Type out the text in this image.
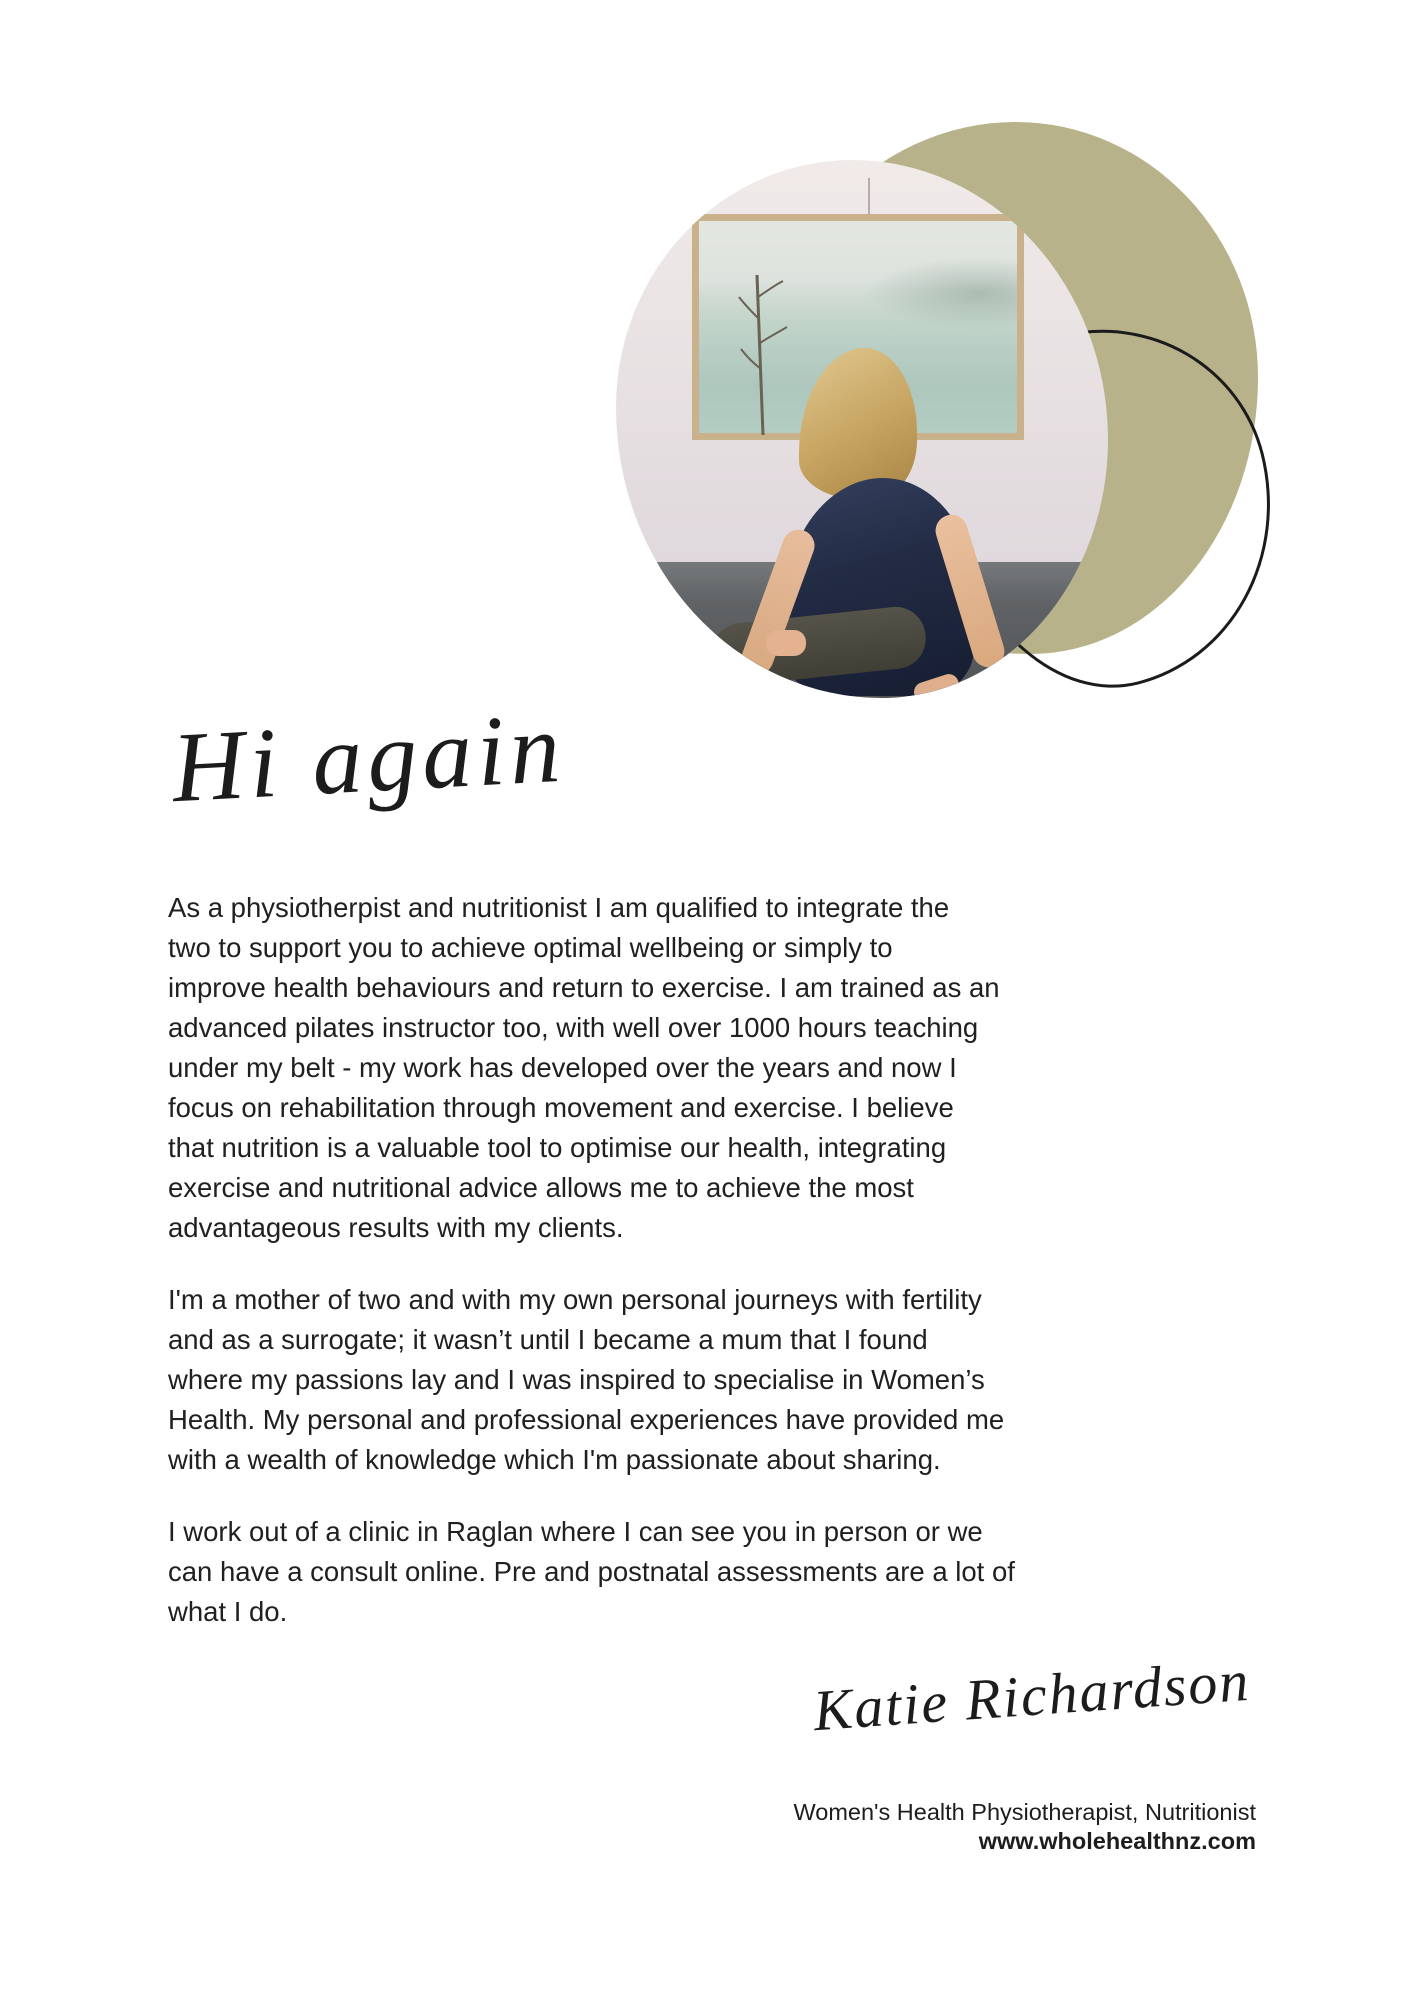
Hi again
As a physiotherpist and nutritionist I am qualified to integrate the
two to support you to achieve optimal wellbeing or simply to
improve health behaviours and return to exercise. I am trained as an
advanced pilates instructor too, with well over 1000 hours teaching
under my belt - my work has developed over the years and now I
focus on rehabilitation through movement and exercise. I believe
that nutrition is a valuable tool to optimise our health, integrating
exercise and nutritional advice allows me to achieve the most
advantageous results with my clients.
I'm a mother of two and with my own personal journeys with fertility
and as a surrogate; it wasn’t until I became a mum that I found
where my passions lay and I was inspired to specialise in Women’s
Health. My personal and professional experiences have provided me
with a wealth of knowledge which I'm passionate about sharing.
I work out of a clinic in Raglan where I can see you in person or we
can have a consult online. Pre and postnatal assessments are a lot of
what I do.
Katie Richardson
Women's Health Physiotherapist, Nutritionist
www.wholehealthnz.com
